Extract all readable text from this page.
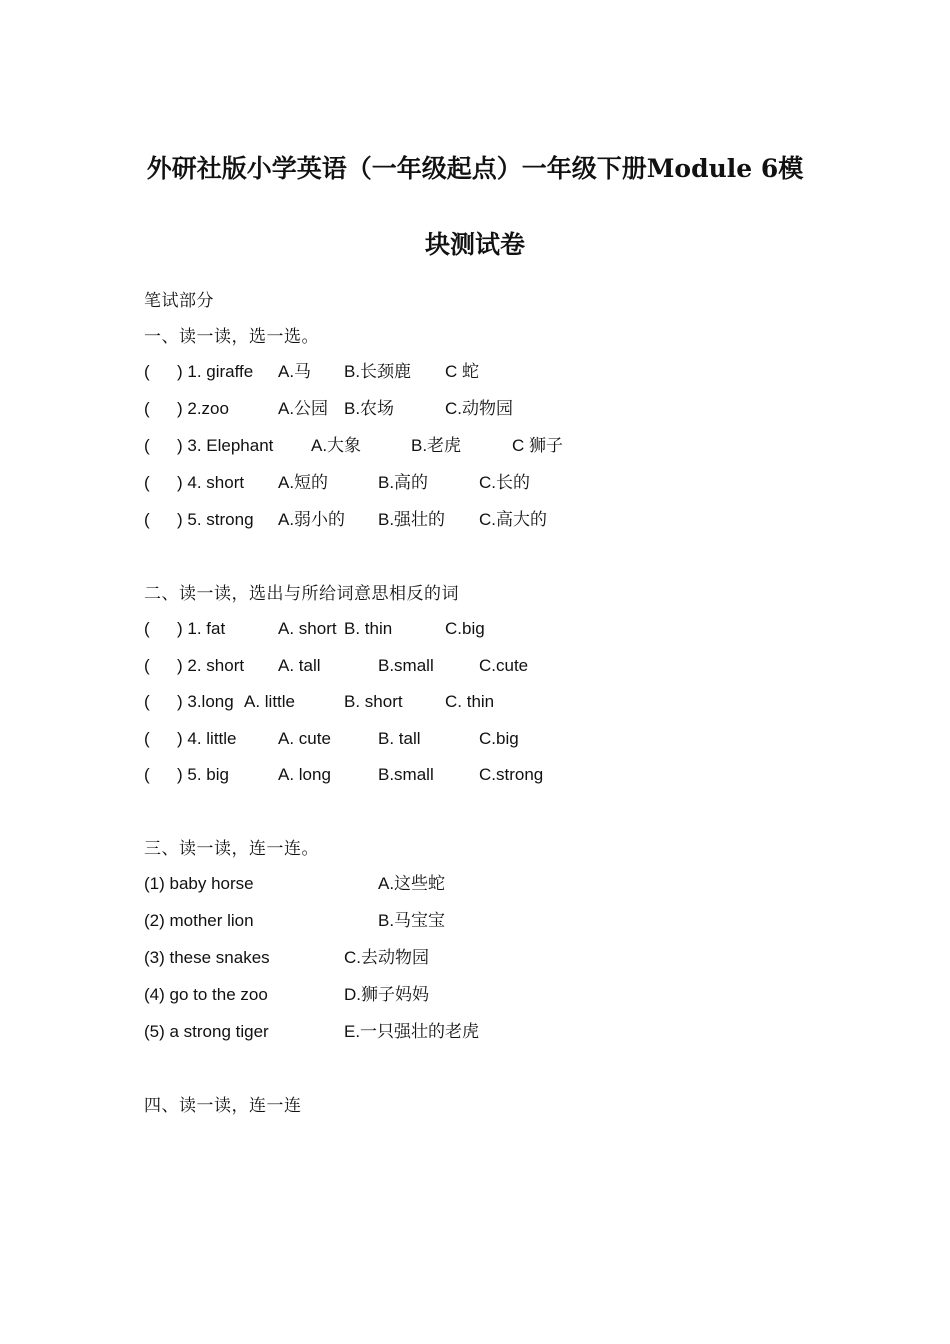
外研社版小学英语（一年级起点）一年级下册Module 6模
块测试卷
笔试部分
一、读一读，选一选。
( ) 1. giraffe A.马 B.长颈鹿 C 蛇
( ) 2.zoo	A.公园 B.农场	C.动物园
( ) 3. Elephant A.大象	B.老虎	C 狮子
( ) 4. short A.短的	B.高的	C.长的
( ) 5. strong A.弱小的 B.强壮的 C.高大的
二、读一读，选出与所给词意思相反的词
( ) 1. fat	A. short B. thin	C.big
( ) 2. short A. tall	B.small	C.cute
( ) 3.long A. little	B. short C. thin
( ) 4. little A. cute	B. tall	C.big
( ) 5. big	A. long	B.small	C.strong
三、读一读，连一连。
(1) baby horse	A.这些蛇
(2) mother lion	B.马宝宝
(3) these snakes	C.去动物园
(4) go to the zoo	D.狮子妈妈
(5) a strong tiger	E.一只强壮的老虎
四、读一读，连一连
